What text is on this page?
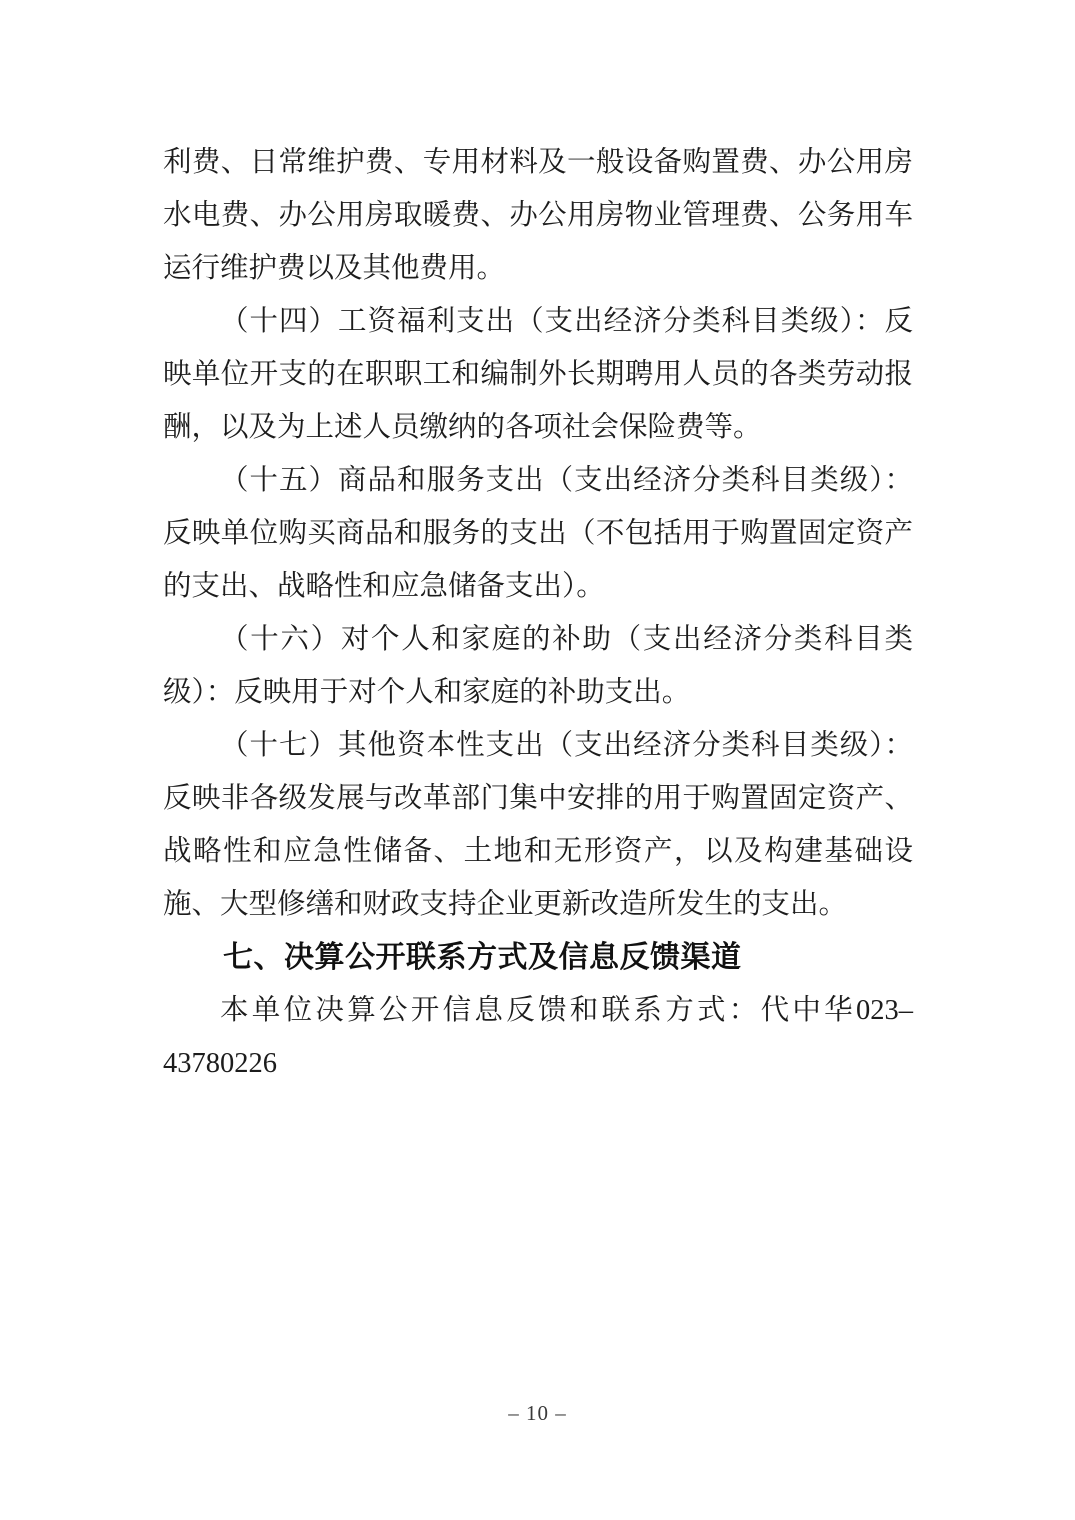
利费、日常维护费、专用材料及一般设备购置费、办公用房水电费、办公用房取暖费、办公用房物业管理费、公务用车运行维护费以及其他费用。

（十四）工资福利支出（支出经济分类科目类级）：反映单位开支的在职职工和编制外长期聘用人员的各类劳动报酬，以及为上述人员缴纳的各项社会保险费等。

（十五）商品和服务支出（支出经济分类科目类级）：反映单位购买商品和服务的支出（不包括用于购置固定资产的支出、战略性和应急储备支出）。

（十六）对个人和家庭的补助（支出经济分类科目类级）：反映用于对个人和家庭的补助支出。

（十七）其他资本性支出（支出经济分类科目类级）：反映非各级发展与改革部门集中安排的用于购置固定资产、战略性和应急性储备、土地和无形资产，以及构建基础设施、大型修缮和财政支持企业更新改造所发生的支出。

七、决算公开联系方式及信息反馈渠道

本单位决算公开信息反馈和联系方式：代中华023–43780226

– 10 –
